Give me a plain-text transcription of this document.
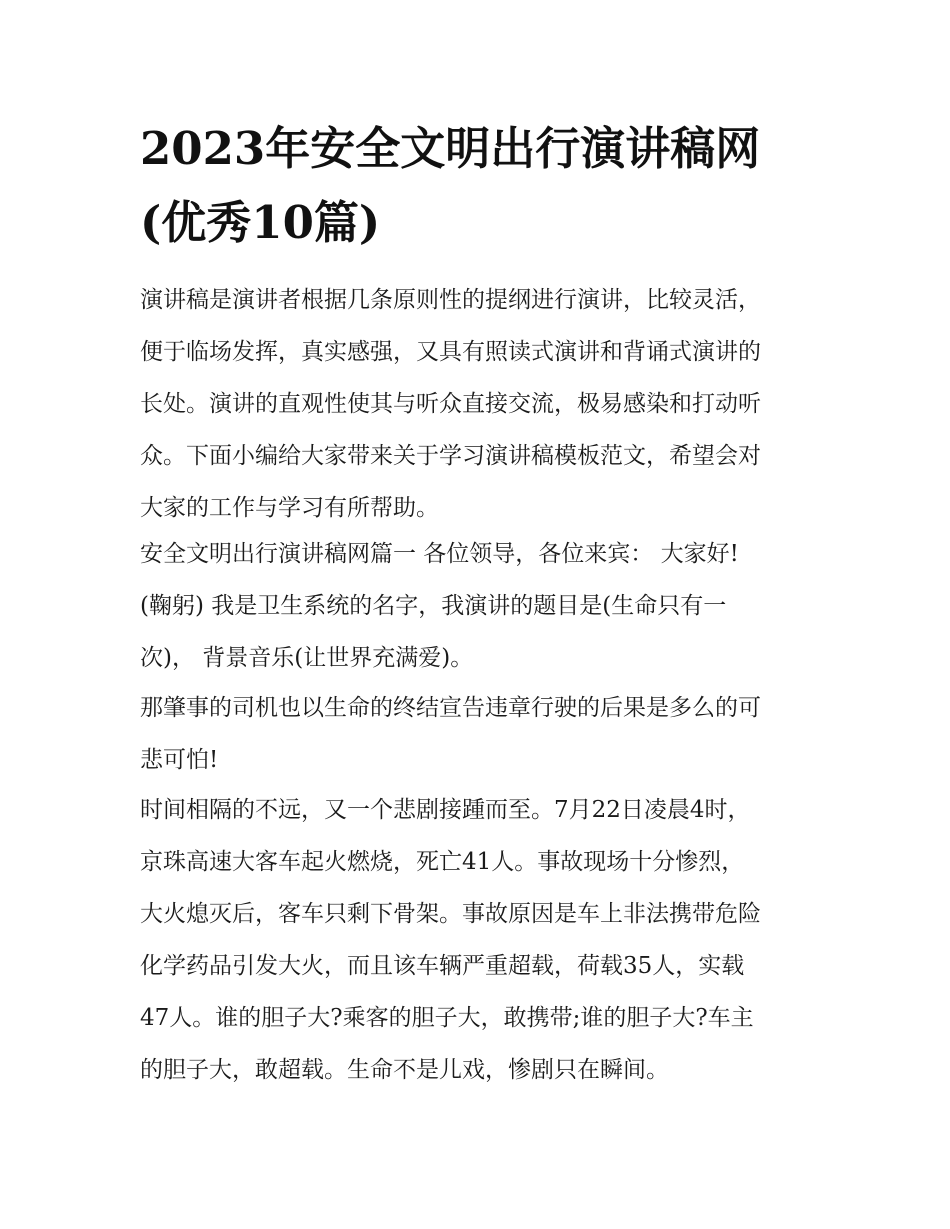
2023年安全文明出行演讲稿网
(优秀10篇)
演讲稿是演讲者根据几条原则性的提纲进行演讲，比较灵活，
便于临场发挥，真实感强，又具有照读式演讲和背诵式演讲的
长处。演讲的直观性使其与听众直接交流，极易感染和打动听
众。下面小编给大家带来关于学习演讲稿模板范文，希望会对
大家的工作与学习有所帮助。
安全文明出行演讲稿网篇一 各位领导，各位来宾： 大家好!
(鞠躬) 我是卫生系统的名字，我演讲的题目是(生命只有一
次)， 背景音乐(让世界充满爱)。
那肇事的司机也以生命的终结宣告违章行驶的后果是多么的可
悲可怕!
时间相隔的不远，又一个悲剧接踵而至。7月22日凌晨4时，
京珠高速大客车起火燃烧，死亡41人。事故现场十分惨烈，
大火熄灭后，客车只剩下骨架。事故原因是车上非法携带危险
化学药品引发大火，而且该车辆严重超载，荷载35人，实载
47人。谁的胆子大?乘客的胆子大，敢携带;谁的胆子大?车主
的胆子大，敢超载。生命不是儿戏，惨剧只在瞬间。
